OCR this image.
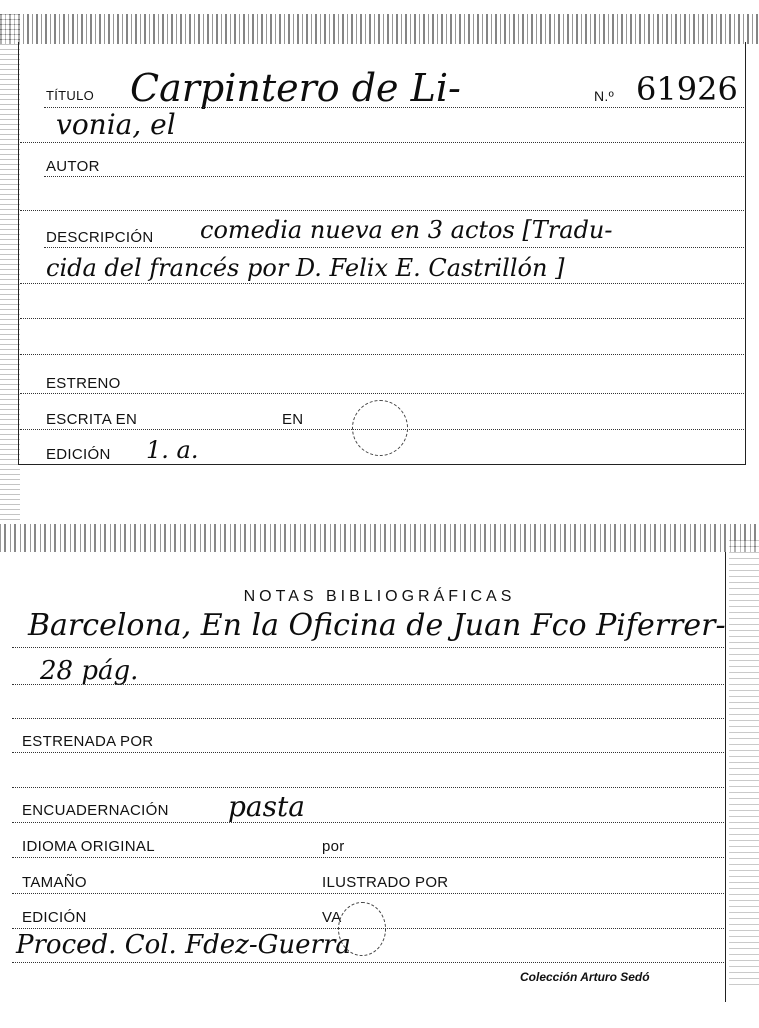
TÍTULO Carpintero de Li-	N.º 61926
vonia, el
AUTOR
DESCRIPCIÓN comedia nueva en 3 actos [Tradu-
cida del francés por D. Felix E. Castrillón ]
ESTRENO
ESCRITA EN	EN
EDICIÓN 1. a.
NOTAS BIBLIOGRÁFICAS
Barcelona, En la Oficina de Juan Fco Piferrer-
28 pág.
ESTRENADA POR
ENCUADERNACIÓN pasta
IDIOMA ORIGINAL	por
TAMAÑO	ILUSTRADO POR
EDICIÓN	VA
Proced. Col. Fdez-Guerra
Colección Arturo Sedó
